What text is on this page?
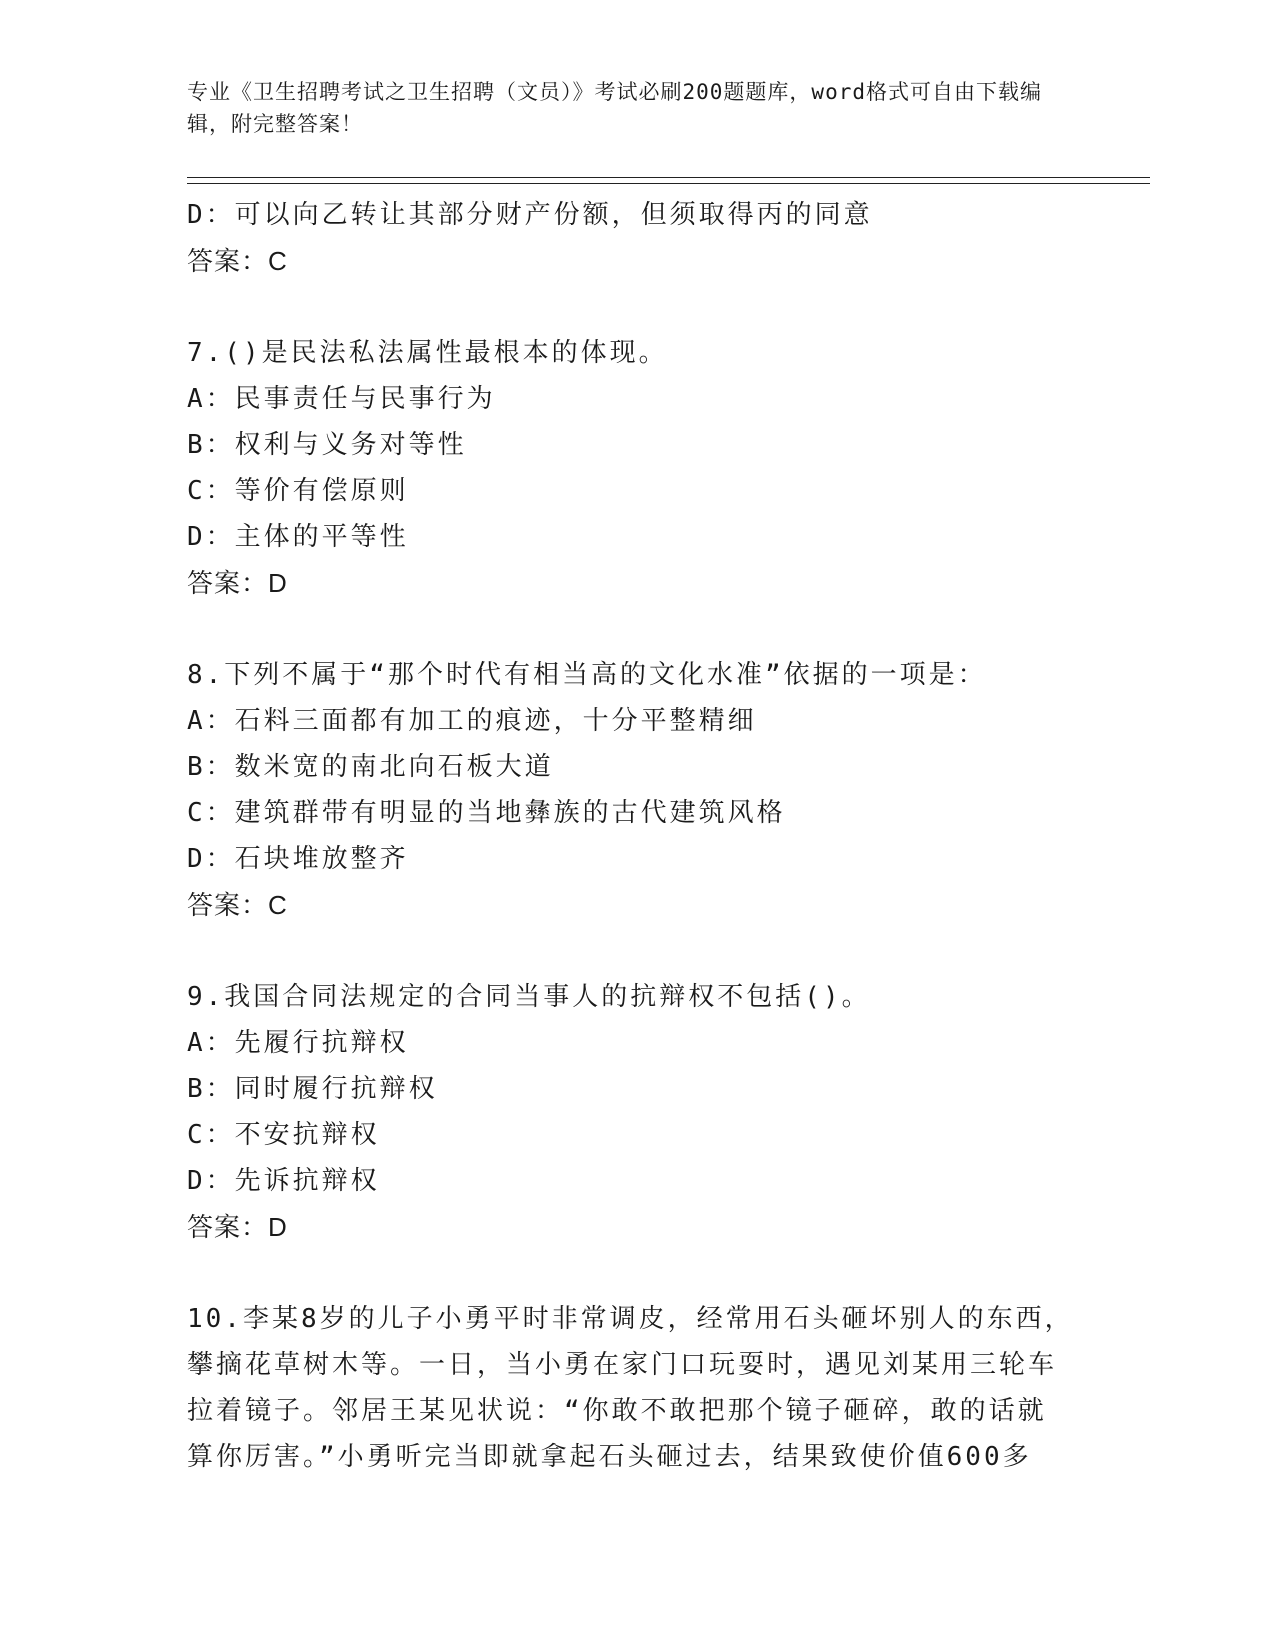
专业《卫生招聘考试之卫生招聘（文员）》考试必刷200题题库，word格式可自由下载编辑，附完整答案！
D：可以向乙转让其部分财产份额，但须取得丙的同意
答案：C
7.()是民法私法属性最根本的体现。
A：民事责任与民事行为
B：权利与义务对等性
C：等价有偿原则
D：主体的平等性
答案：D
8.下列不属于“那个时代有相当高的文化水准”依据的一项是：
A：石料三面都有加工的痕迹，十分平整精细
B：数米宽的南北向石板大道
C：建筑群带有明显的当地彝族的古代建筑风格
D：石块堆放整齐
答案：C
9.我国合同法规定的合同当事人的抗辩权不包括()。
A：先履行抗辩权
B：同时履行抗辩权
C：不安抗辩权
D：先诉抗辩权
答案：D
10.李某8岁的儿子小勇平时非常调皮，经常用石头砸坏别人的东西，
攀摘花草树木等。一日，当小勇在家门口玩耍时，遇见刘某用三轮车
拉着镜子。邻居王某见状说：“你敢不敢把那个镜子砸碎，敢的话就
算你厉害。”小勇听完当即就拿起石头砸过去，结果致使价值600多
